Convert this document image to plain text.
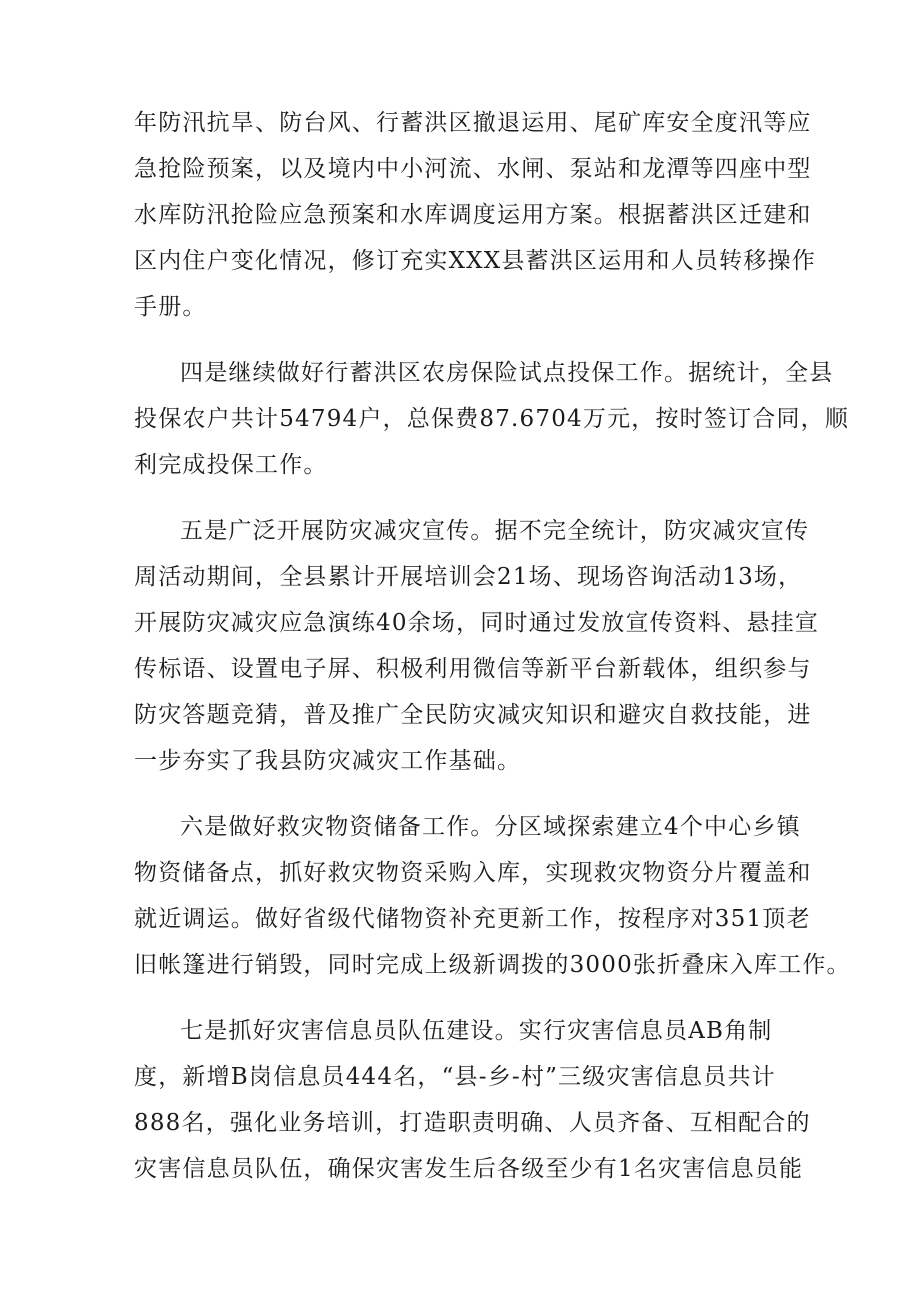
年防汛抗旱、防台风、行蓄洪区撤退运用、尾矿库安全度汛等应
急抢险预案，以及境内中小河流、水闸、泵站和龙潭等四座中型
水库防汛抢险应急预案和水库调度运用方案。根据蓄洪区迁建和
区内住户变化情况，修订充实XXX县蓄洪区运用和人员转移操作
手册。
四是继续做好行蓄洪区农房保险试点投保工作。据统计，全县
投保农户共计54794户，总保费87.6704万元，按时签订合同，顺
利完成投保工作。
五是广泛开展防灾减灾宣传。据不完全统计，防灾减灾宣传
周活动期间，全县累计开展培训会21场、现场咨询活动13场，
开展防灾减灾应急演练40余场，同时通过发放宣传资料、悬挂宣
传标语、设置电子屏、积极利用微信等新平台新载体，组织参与
防灾答题竞猜，普及推广全民防灾减灾知识和避灾自救技能，进
一步夯实了我县防灾减灾工作基础。
六是做好救灾物资储备工作。分区域探索建立4个中心乡镇
物资储备点，抓好救灾物资采购入库，实现救灾物资分片覆盖和
就近调运。做好省级代储物资补充更新工作，按程序对351顶老
旧帐篷进行销毁，同时完成上级新调拨的3000张折叠床入库工作。
七是抓好灾害信息员队伍建设。实行灾害信息员AB角制
度，新增B岗信息员444名，“县-乡-村”三级灾害信息员共计
888名，强化业务培训，打造职责明确、人员齐备、互相配合的
灾害信息员队伍，确保灾害发生后各级至少有1名灾害信息员能
